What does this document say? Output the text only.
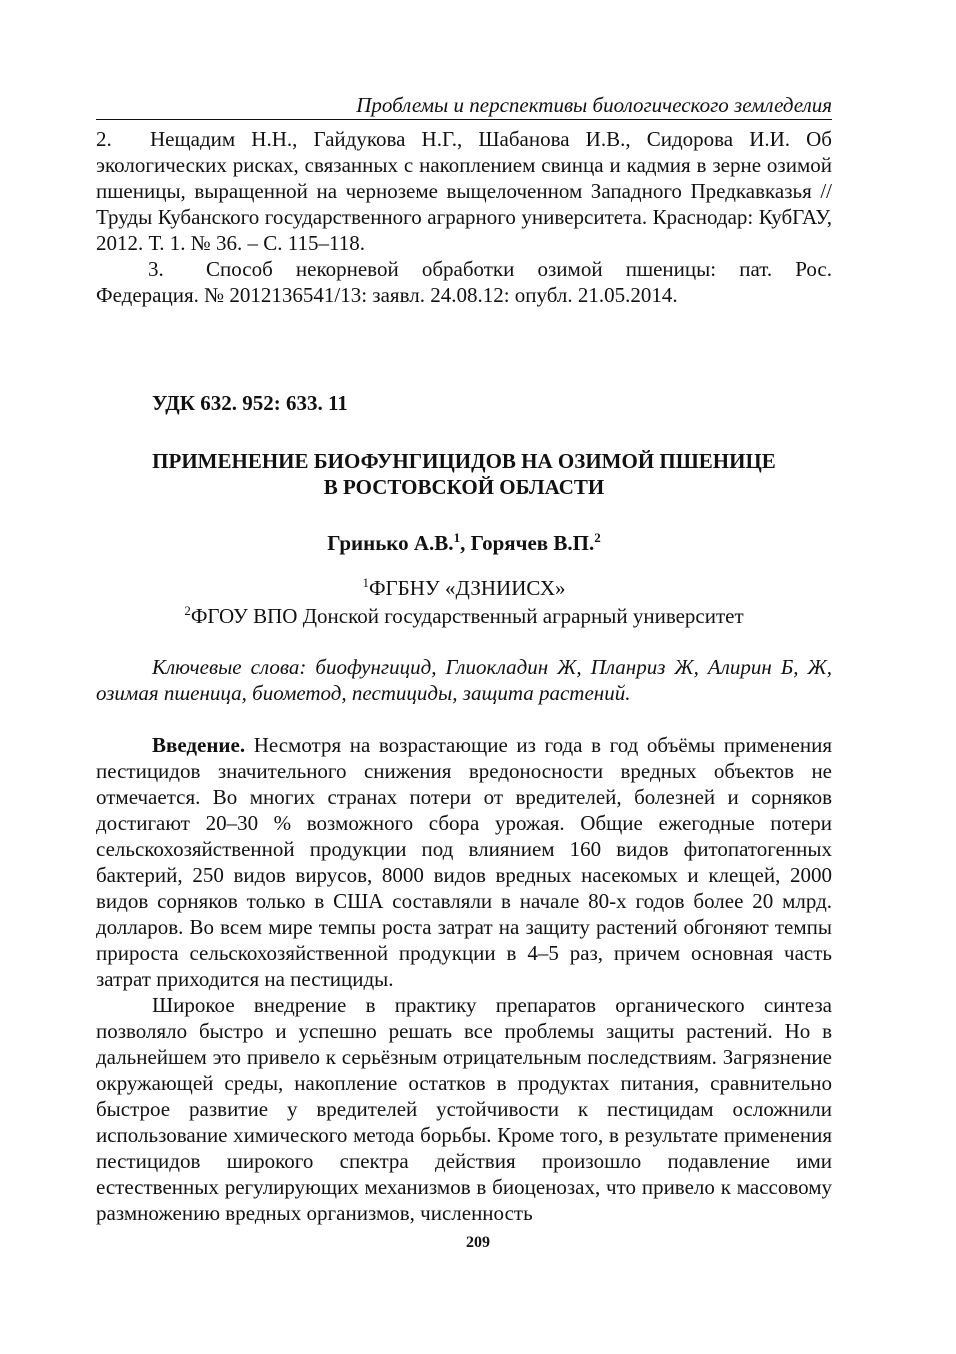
Проблемы и перспективы биологического земледелия

2. Нещадим Н.Н., Гайдукова Н.Г., Шабанова И.В., Сидорова И.И. Об экологических рисках, связанных с накоплением свинца и кадмия в зерне озимой пшеницы, выращенной на черноземе выщелоченном Западного Предкавказья // Труды Кубанского государственного аграрного университета. Краснодар: КубГАУ, 2012. Т. 1. № 36. – С. 115–118.

3. Способ некорневой обработки озимой пшеницы: пат. Рос. Федерация. № 2012136541/13: заявл. 24.08.12: опубл. 21.05.2014.

УДК 632. 952: 633. 11
ПРИМЕНЕНИЕ БИОФУНГИЦИДОВ НА ОЗИМОЙ ПШЕНИЦЕ
В РОСТОВСКОЙ ОБЛАСТИ
Гринько А.В.$^1$, Горячев В.П.$^2$
$^1$ФГБНУ «ДЗНИИСХ»
$^2$ФГОУ ВПО Донской государственный аграрный университет

Ключевые слова: биофунгицид, Глиокладин Ж, Планриз Ж, Алирин Б, Ж, озимая пшеница, биометод, пестициды, защита растений.

Введение. Несмотря на возрастающие из года в год объёмы применения пестицидов значительного снижения вредоносности вредных объектов не отмечается. Во многих странах потери от вредителей, болезней и сорняков достигают 20–30 % возможного сбора урожая. Общие ежегодные потери сельскохозяйственной продукции под влиянием 160 видов фитопатогенных бактерий, 250 видов вирусов, 8000 видов вредных насекомых и клещей, 2000 видов сорняков только в США составляли в начале 80-х годов более 20 млрд. долларов. Во всем мире темпы роста затрат на защиту растений обгоняют темпы прироста сельскохозяйственной продукции в 4–5 раз, причем основная часть затрат приходится на пестициды.

Широкое внедрение в практику препаратов органического синтеза позволяло быстро и успешно решать все проблемы защиты растений. Но в дальнейшем это привело к серьёзным отрицательным последствиям. Загрязнение окружающей среды, накопление остатков в продуктах питания, сравнительно быстрое развитие у вредителей устойчивости к пестицидам осложнили использование химического метода борьбы. Кроме того, в результате применения пестицидов широкого спектра действия произошло подавление ими естественных регулирующих механизмов в биоценозах, что привело к массовому размножению вредных организмов, численность

209
